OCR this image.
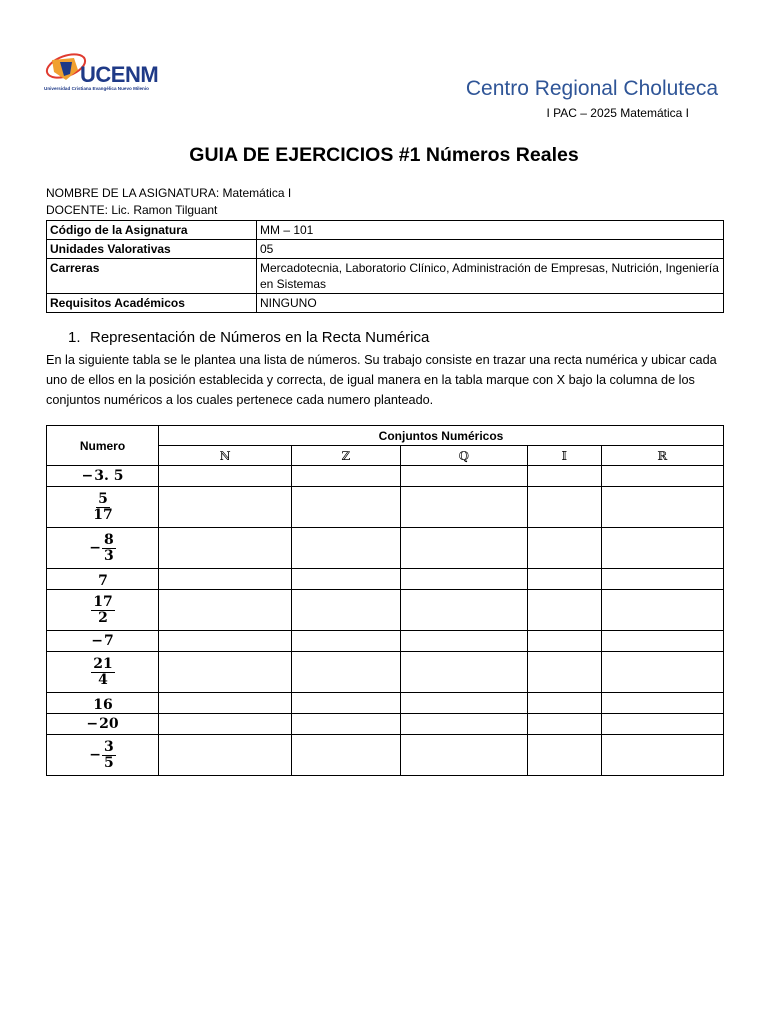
UCENM
Universidad Cristiana Evangélica Nuevo Milenio	Centro Regional Choluteca
I PAC – 2025 Matemática I
GUIA DE EJERCICIOS #1 Números Reales
NOMBRE DE LA ASIGNATURA: Matemática I
DOCENTE: Lic. Ramon Tilguant
Código de la Asignatura	MM – 101
Unidades Valorativas	05
Carreras	Mercadotecnia, Laboratorio Clínico, Administración de Empresas, Nutrición, Ingeniería en Sistemas
Requisitos Académicos	NINGUNO
1. Representación de Números en la Recta Numérica
En la siguiente tabla se le plantea una lista de números. Su trabajo consiste en trazar una recta numérica y ubicar cada uno de ellos en la posición establecida y correcta, de igual manera en la tabla marque con X bajo la columna de los conjuntos numéricos a los cuales pertenece cada numero planteado.
Numero	Conjuntos Numéricos				
	ℕ	ℤ	ℚ	𝕀	ℝ

− 3. 5					

$\frac{5}{17}$

− $\frac{8}{3}$

7					

$\frac{17}{2}$

− 7					

$\frac{21}{4}$

16					

− 20					

− $\frac{3}{5}$
